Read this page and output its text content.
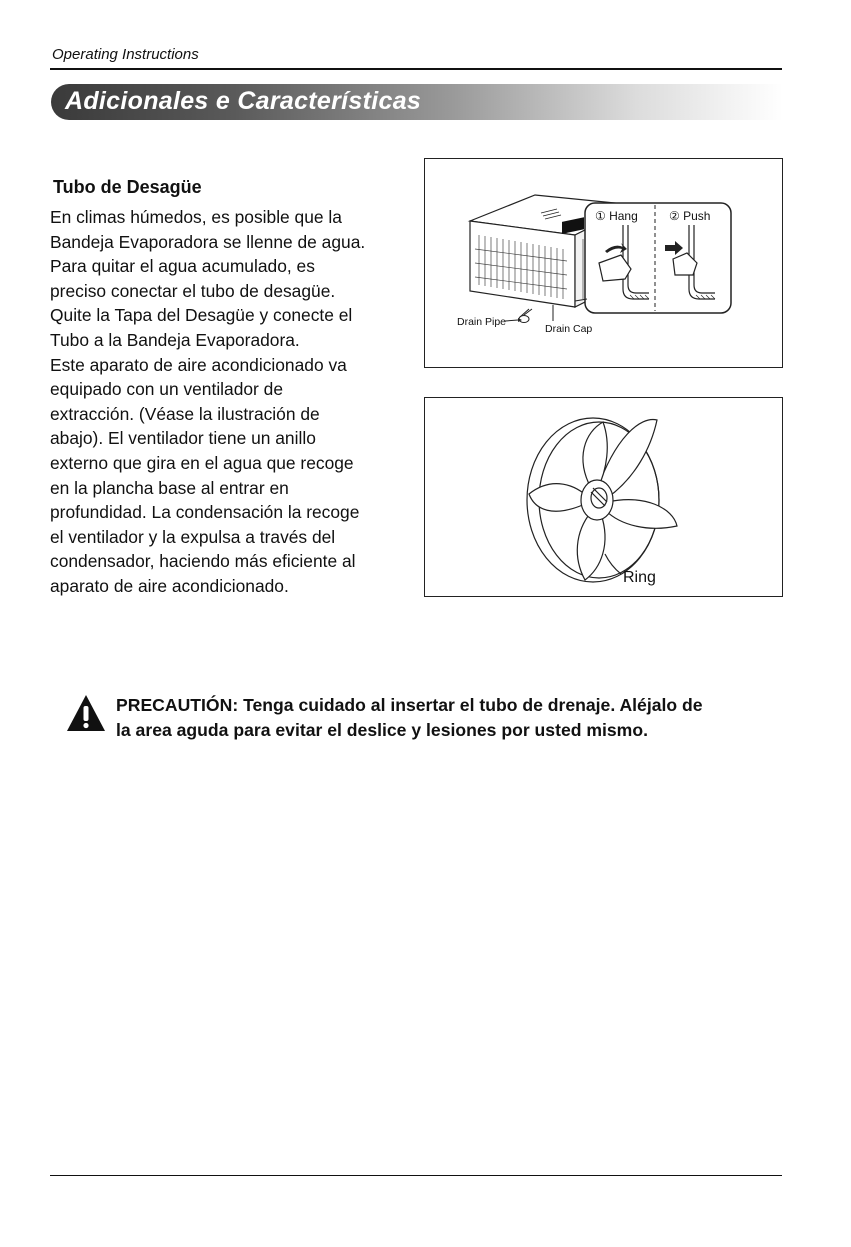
Operating Instructions
Adicionales e Características
Tubo de Desagüe
En climas húmedos, es posible que la
Bandeja Evaporadora se llenne de agua.
Para quitar el agua acumulado, es
preciso conectar el tubo de desagüe.
Quite la Tapa del Desagüe y conecte el
Tubo a la Bandeja Evaporadora.
Este aparato de aire acondicionado va
equipado con un ventilador de
extracción. (Véase la ilustración de
abajo). El ventilador tiene un anillo
externo que gira en el agua que recoge
en la plancha base al entrar en
profundidad. La condensación la recoge
el ventilador y la expulsa a través del
condensador, haciendo más eficiente al
aparato de aire acondicionado.
① Hang	② Push
Drain Pipe
Drain Cap
Ring
PRECAUTIÓN: Tenga cuidado al insertar el tubo de drenaje. Aléjalo de
la area aguda para evitar el deslice y lesiones por usted mismo.
